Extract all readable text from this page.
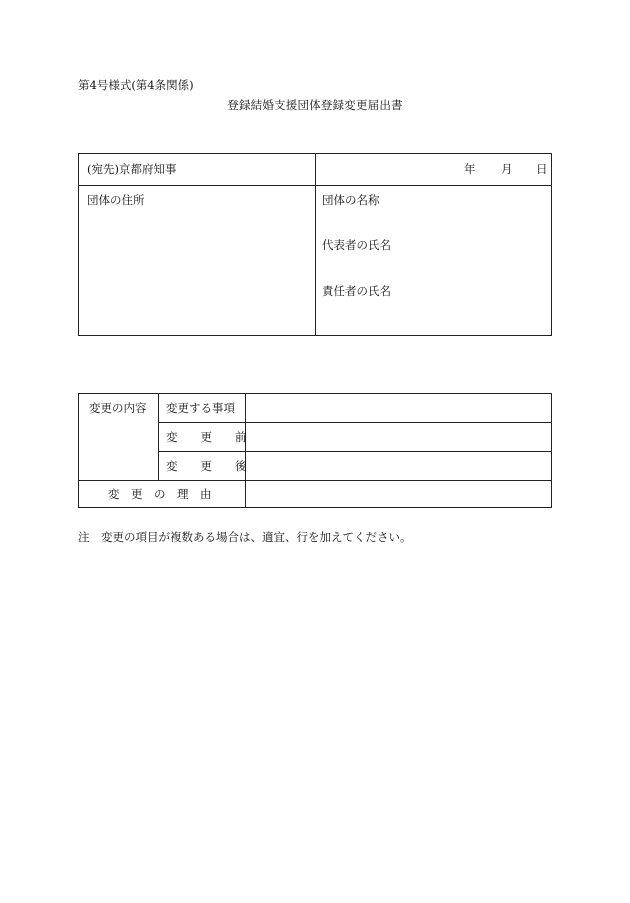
第4号様式(第4条関係)
登録結婚支援団体登録変更届出書
(宛先)京都府知事	年 月 日
団体の住所	団体の名称
代表者の氏名
責任者の氏名
変更の内容 変更する事項
変　　更　　前
変　　更　　後
変　更　の　理　由
注　変更の項目が複数ある場合は、適宜、行を加えてください。
